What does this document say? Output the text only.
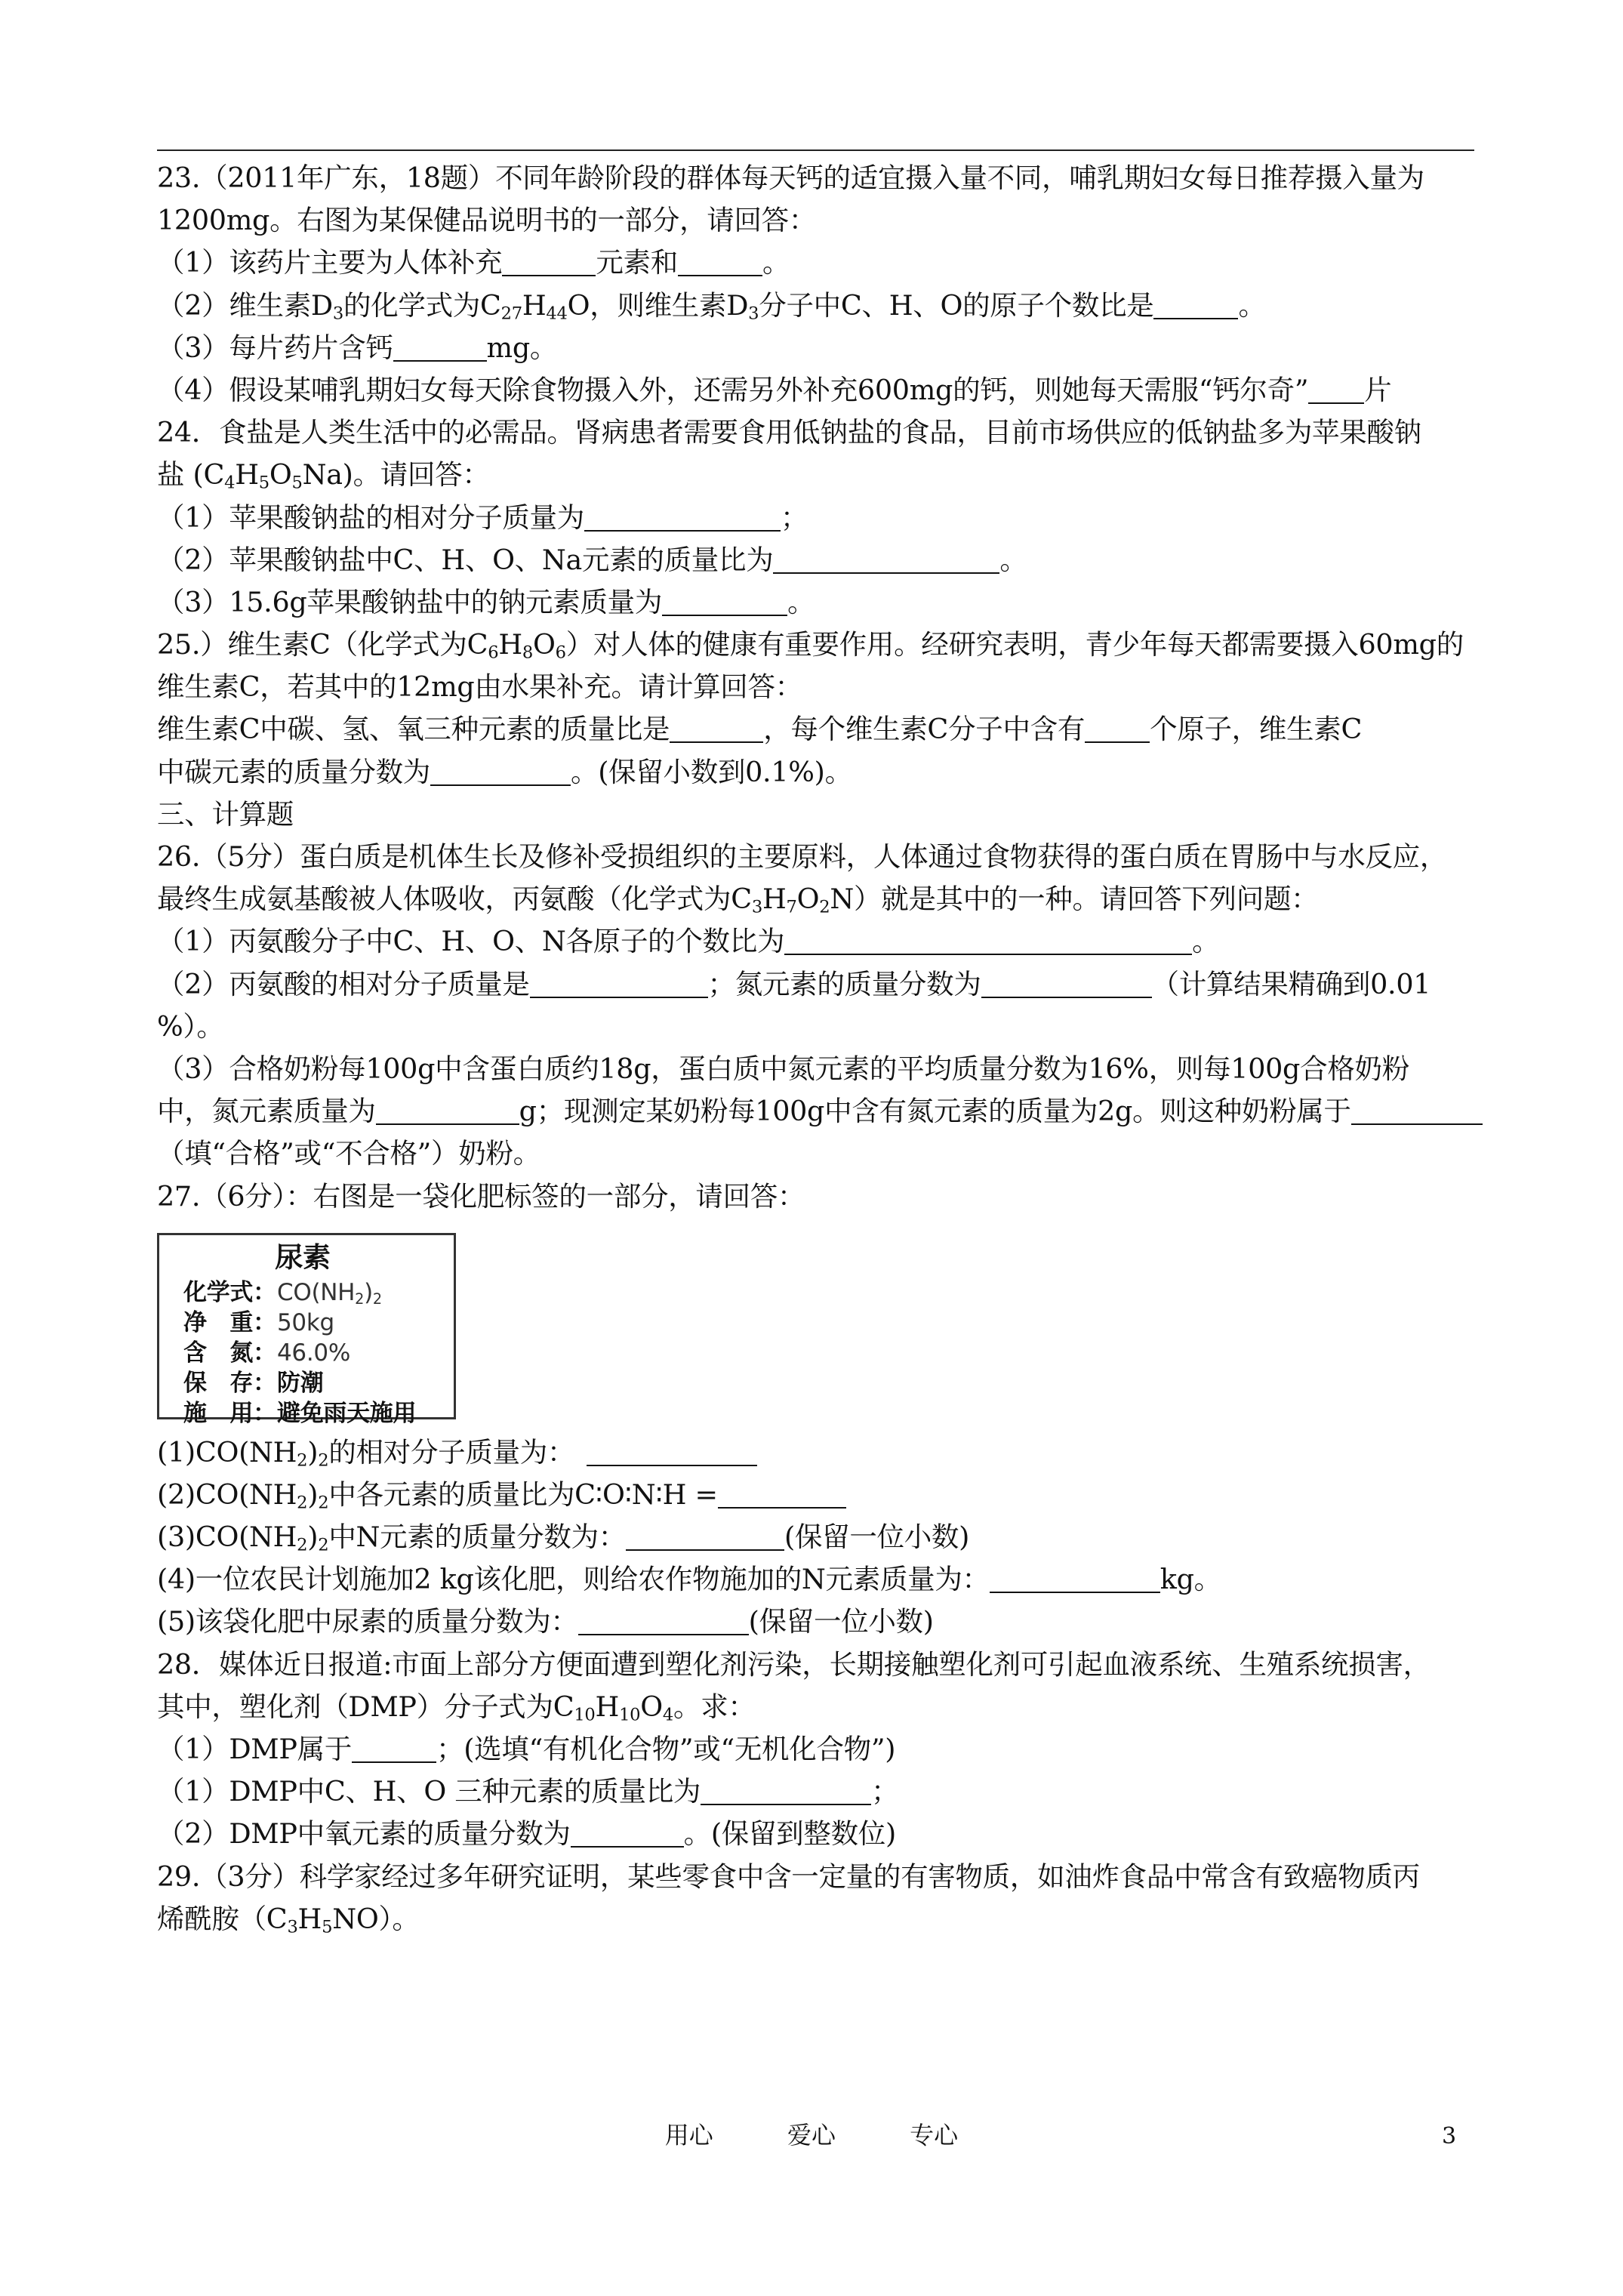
23.（2011年广东，18题）不同年龄阶段的群体每天钙的适宜摄入量不同，哺乳期妇女每日推荐摄入量为
1200mg。右图为某保健品说明书的一部分，请回答：
（1）该药片主要为人体补充	元素和	。
（2）维生素$D_3$的化学式为$C_{27}H_{44}O$，则维生素$D_3$分子中C、H、O的原子个数比是	。
（3）每片药片含钙	mg。
（4）假设某哺乳期妇女每天除食物摄入外，还需另外补充600mg的钙，则她每天需服“钙尔奇” 片
24．食盐是人类生活中的必需品。肾病患者需要食用低钠盐的食品，目前市场供应的低钠盐多为苹果酸钠
盐 $(C_4H_5O_5Na)$。请回答：
（1）苹果酸钠盐的相对分子质量为	；
（2）苹果酸钠盐中C、H、O、Na元素的质量比为	。
（3）15.6g苹果酸钠盐中的钠元素质量为	。
25.）维生素C（化学式为$C_6H_8O_6$）对人体的健康有重要作用。经研究表明，青少年每天都需要摄入60mg的
维生素C，若其中的12mg由水果补充。请计算回答：
维生素C中碳、氢、氧三种元素的质量比是	，每个维生素C分子中含有 个原子，维生素C
中碳元素的质量分数为	。(保留小数到0.1%)。
三、计算题
26.（5分）蛋白质是机体生长及修补受损组织的主要原料，人体通过食物获得的蛋白质在胃肠中与水反应，
最终生成氨基酸被人体吸收，丙氨酸（化学式为$C_3H_7O_2N$）就是其中的一种。请回答下列问题：
（1）丙氨酸分子中C、H、O、N各原子的个数比为	。
（2）丙氨酸的相对分子质量是	；氮元素的质量分数为	（计算结果精确到0.01
%）。
（3）合格奶粉每100g中含蛋白质约18g，蛋白质中氮元素的平均质量分数为16%，则每100g合格奶粉
中，氮元素质量为	g；现测定某奶粉每100g中含有氮元素的质量为2g。则这种奶粉属于
（填“合格”或“不合格”）奶粉。
27.（6分）：右图是一袋化肥标签的一部分，请回答：
尿素
化学式：$CO(NH_2)_2$
净　重：50kg
含　氮：46.0%
保　存：防潮
施　用：避免雨天施用
$(1)CO(NH_2)_2$的相对分子质量为：
$(2)CO(NH_2)_2$中各元素的质量比为C∶O∶N∶H =
$(3)CO(NH_2)_2$中N元素的质量分数为：	(保留一位小数)
(4)一位农民计划施加2 kg该化肥，则给农作物施加的N元素质量为：	kg。
(5)该袋化肥中尿素的质量分数为：	(保留一位小数)
28．媒体近日报道:市面上部分方便面遭到塑化剂污染，长期接触塑化剂可引起血液系统、生殖系统损害，
其中，塑化剂（DMP）分子式为$C_{10}H_{10}O_4$。求：
（1）DMP属于	；(选填“有机化合物”或“无机化合物”)
（1）DMP中C、H、O 三种元素的质量比为	；
（2）DMP中氧元素的质量分数为	。(保留到整数位)
29.（3分）科学家经过多年研究证明，某些零食中含一定量的有害物质，如油炸食品中常含有致癌物质丙
烯酰胺$(C_3H_5NO)$。
用心	爱心	专心	3
